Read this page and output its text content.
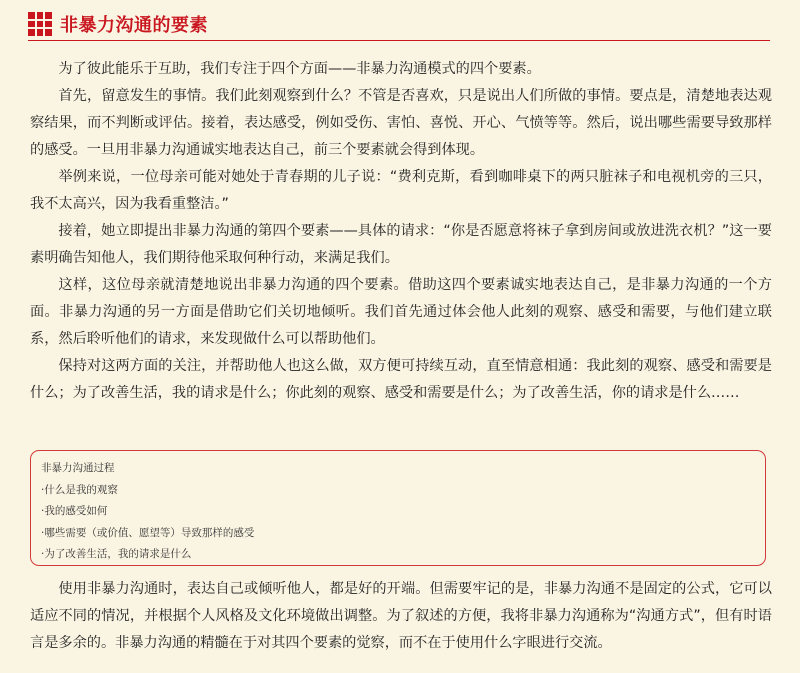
非暴力沟通的要素

为了彼此能乐于互助，我们专注于四个方面——非暴力沟通模式的四个要素。

首先，留意发生的事情。我们此刻观察到什么？不管是否喜欢，只是说出人们所做的事情。要点是，清楚地表达观察结果，而不判断或评估。接着，表达感受，例如受伤、害怕、喜悦、开心、气愤等等。然后，说出哪些需要导致那样的感受。一旦用非暴力沟通诚实地表达自己，前三个要素就会得到体现。

举例来说，一位母亲可能对她处于青春期的儿子说：“费利克斯，看到咖啡桌下的两只脏袜子和电视机旁的三只，我不太高兴，因为我看重整洁。”

接着，她立即提出非暴力沟通的第四个要素——具体的请求：“你是否愿意将袜子拿到房间或放进洗衣机？”这一要素明确告知他人，我们期待他采取何种行动，来满足我们。

这样，这位母亲就清楚地说出非暴力沟通的四个要素。借助这四个要素诚实地表达自己，是非暴力沟通的一个方面。非暴力沟通的另一方面是借助它们关切地倾听。我们首先通过体会他人此刻的观察、感受和需要，与他们建立联系，然后聆听他们的请求，来发现做什么可以帮助他们。

保持对这两方面的关注，并帮助他人也这么做，双方便可持续互动，直至情意相通：我此刻的观察、感受和需要是什么；为了改善生活，我的请求是什么；你此刻的观察、感受和需要是什么；为了改善生活，你的请求是什么……

非暴力沟通过程
·什么是我的观察
·我的感受如何
·哪些需要（或价值、愿望等）导致那样的感受
·为了改善生活，我的请求是什么

使用非暴力沟通时，表达自己或倾听他人，都是好的开端。但需要牢记的是，非暴力沟通不是固定的公式，它可以适应不同的情况，并根据个人风格及文化环境做出调整。为了叙述的方便，我将非暴力沟通称为“沟通方式”，但有时语言是多余的。非暴力沟通的精髓在于对其四个要素的觉察，而不在于使用什么字眼进行交流。
